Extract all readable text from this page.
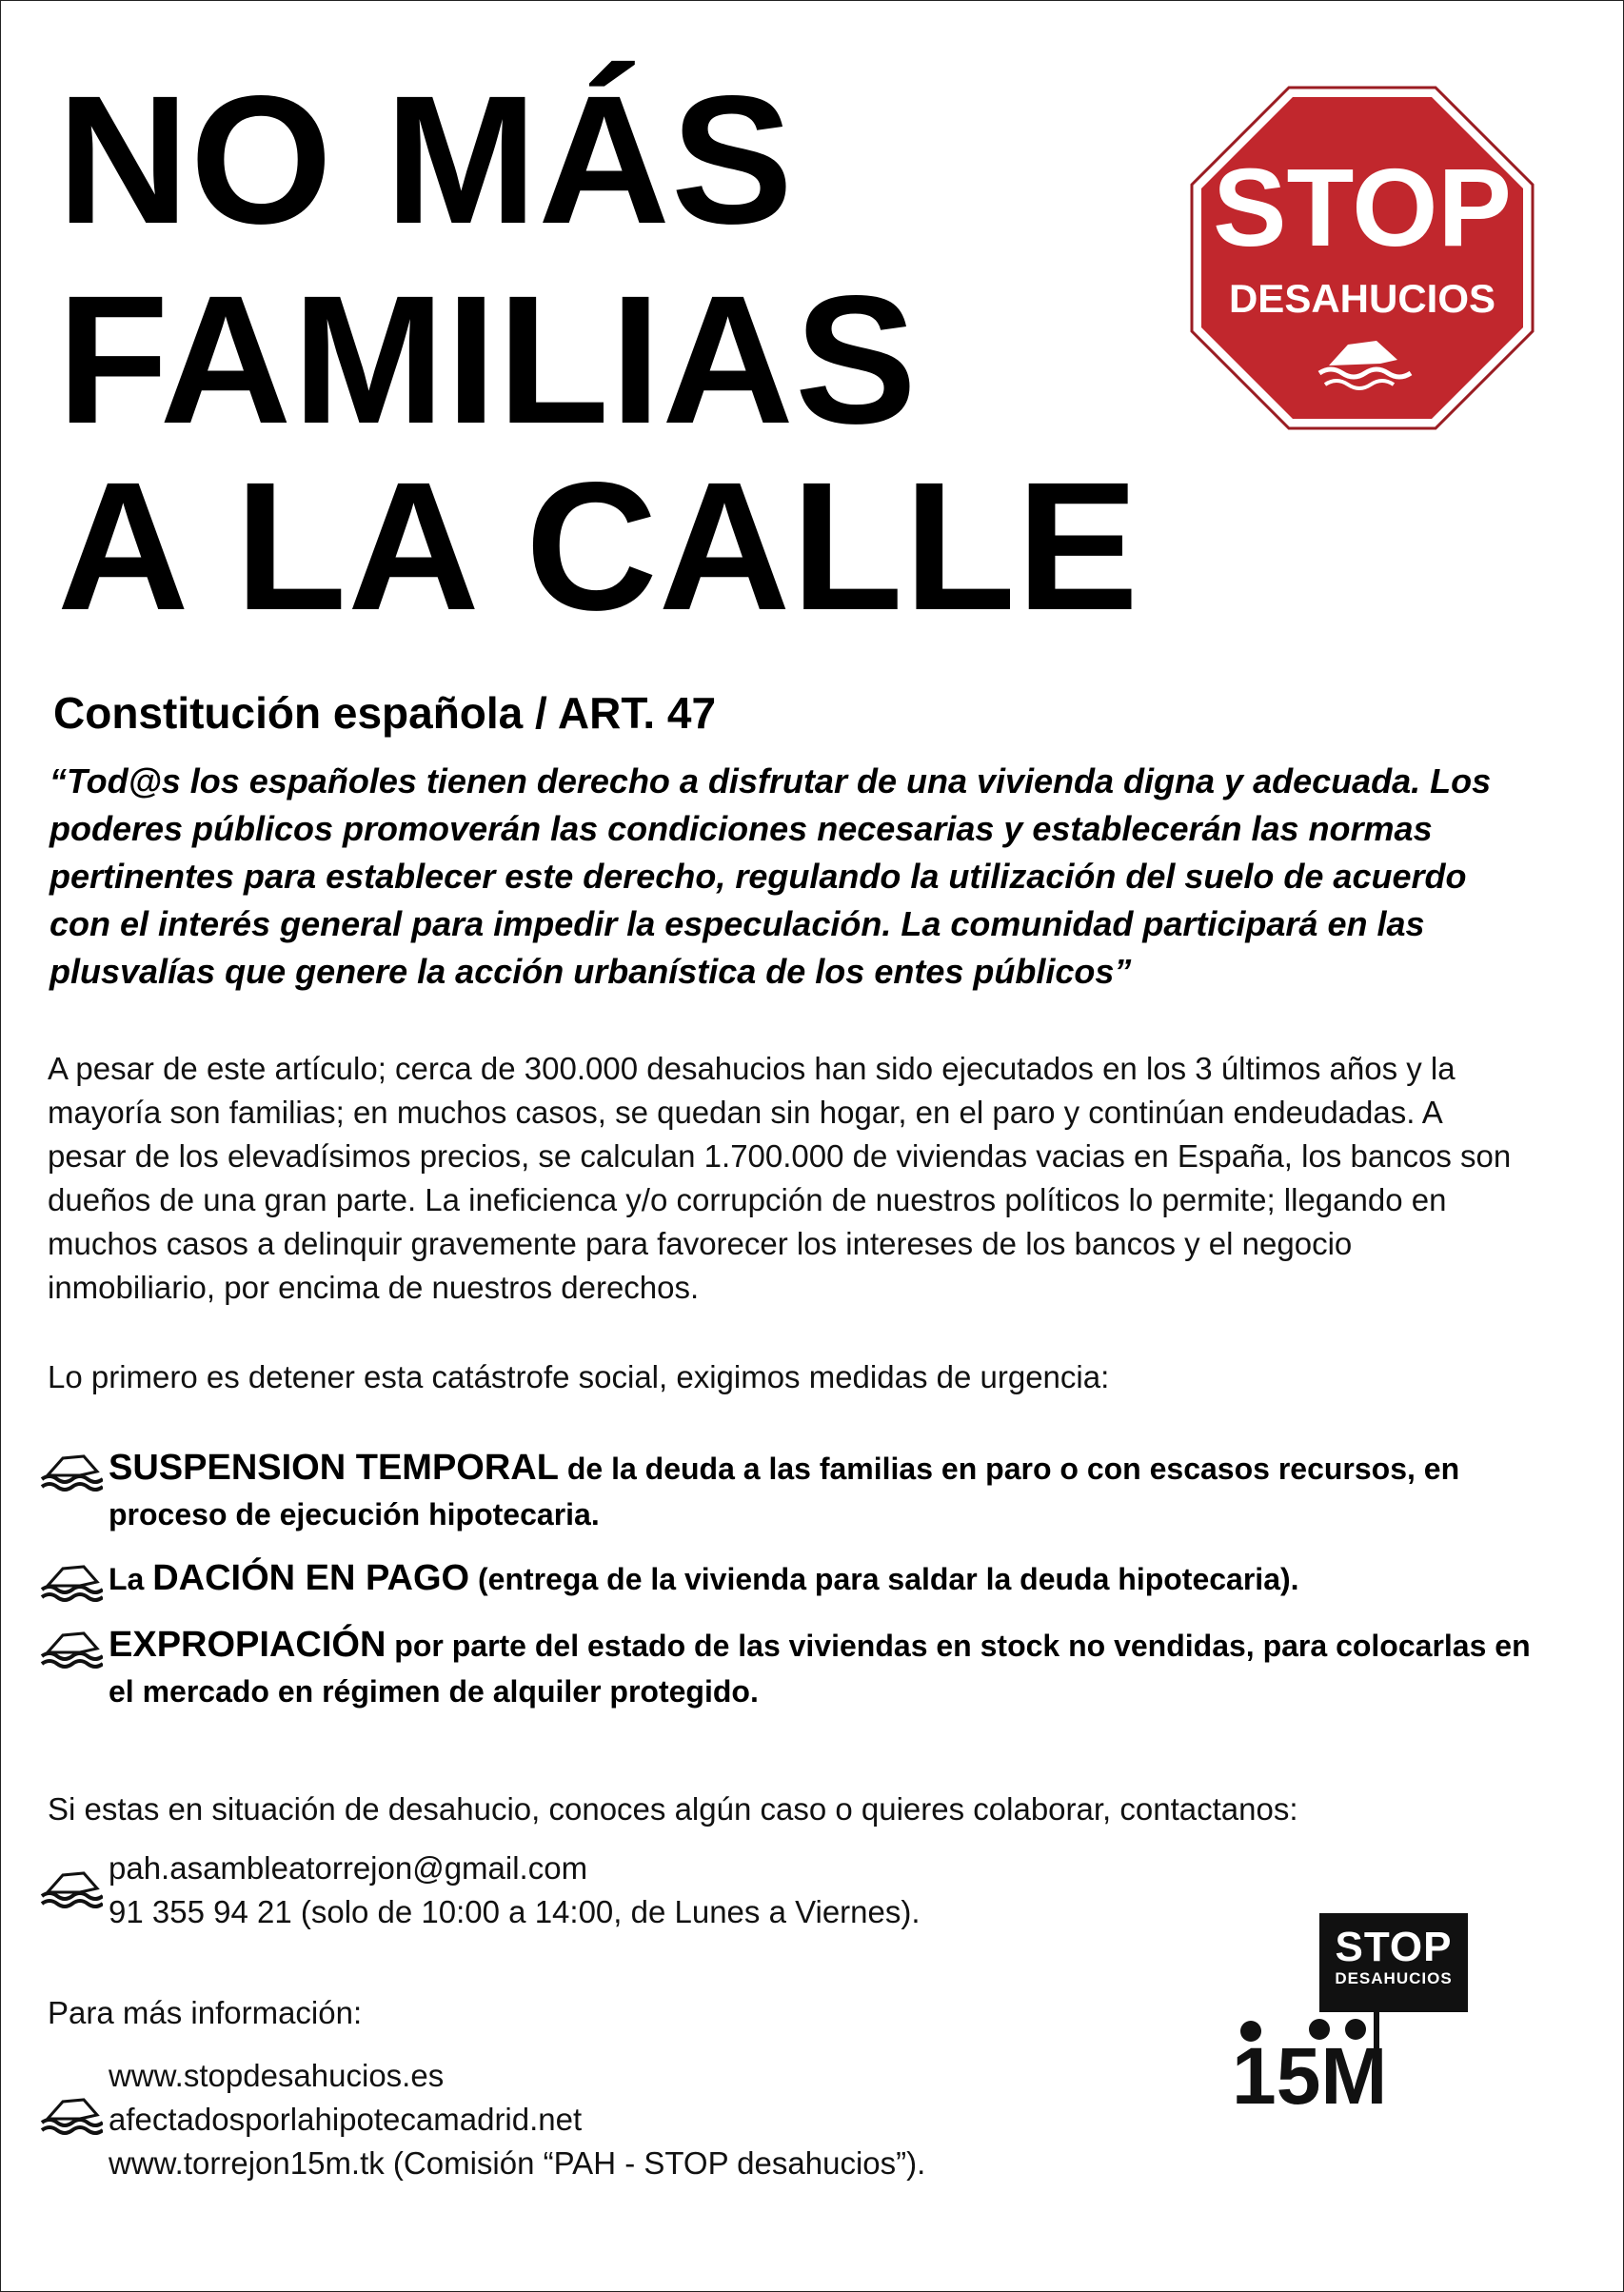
NO MÁS
FAMILIAS
A LA CALLE
STOP
DESAHUCIOS
Constitución española / ART. 47

“Tod@s los españoles tienen derecho a disfrutar de una vivienda digna y adecuada. Los poderes públicos promoverán las condiciones necesarias y establecerán las normas pertinentes para establecer este derecho, regulando la utilización del suelo de acuerdo con el interés general para impedir la especulación. La comunidad participará en las plusvalías que genere la acción urbanística de los entes públicos”

A pesar de este artículo; cerca de 300.000 desahucios han sido ejecutados en los 3 últimos años y la mayoría son familias; en muchos casos, se quedan sin hogar, en el paro y continúan endeudadas. A pesar de los elevadísimos precios, se calculan 1.700.000 de viviendas vacias en España, los bancos son dueños de una gran parte. La ineficienca y/o corrupción de nuestros políticos lo permite; llegando en muchos casos a delinquir gravemente para favorecer los intereses de los bancos y el negocio inmobiliario, por encima de nuestros derechos.

Lo primero es detener esta catástrofe social, exigimos medidas de urgencia:

SUSPENSION TEMPORAL de la deuda a las familias en paro o con escasos recursos, en proceso de ejecución hipotecaria.

La DACIÓN EN PAGO (entrega de la vivienda para saldar la deuda hipotecaria).

EXPROPIACIÓN por parte del estado de las viviendas en stock no vendidas, para colocarlas en el mercado en régimen de alquiler protegido.

Si estas en situación de desahucio, conoces algún caso o quieres colaborar, contactanos:

pah.asambleatorrejon@gmail.com
91 355 94 21 (solo de 10:00 a 14:00, de Lunes a Viernes).

Para más información:

www.stopdesahucios.es
afectadosporlahipotecamadrid.net
www.torrejon15m.tk (Comisión “PAH - STOP desahucios”).
STOP
DESAHUCIOS
15M
